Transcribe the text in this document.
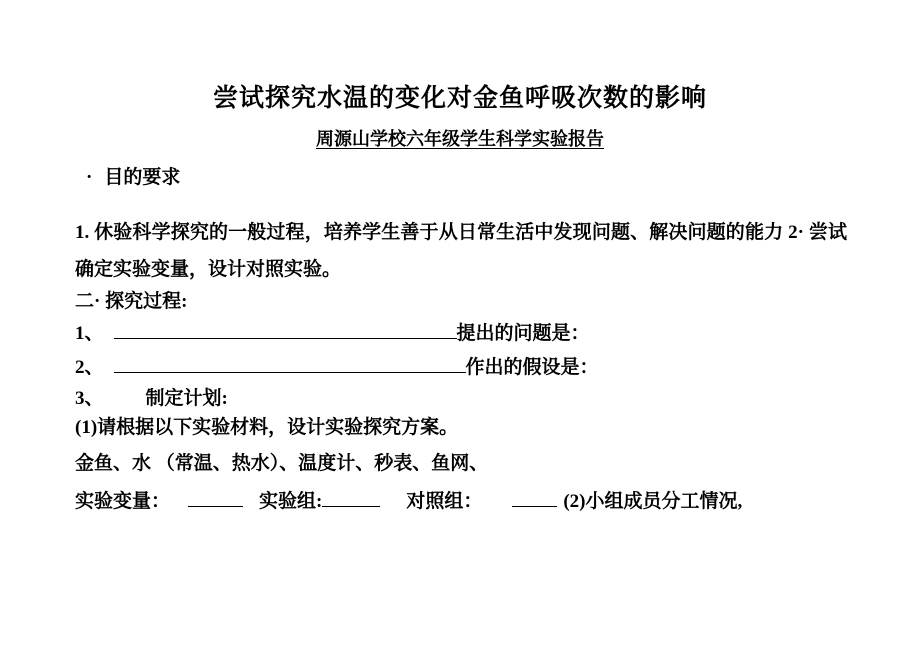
尝试探究水温的变化对金鱼呼吸次数的影响
周源山学校六年级学生科学实验报告
· 目的要求

1. 休验科学探究的一般过程，培养学生善于从日常生活中发现问题、解决问题的能力 2· 尝试确定实验变量，设计对照实验。

二· 探究过程:
1、	提出的问题是：
2、	作出的假设是：
3、 制定计划:
(1)请根据以下实验材料，设计实验探究方案。
金鱼、水 （常温、热水）、温度计、秒表、鱼网、
实验变量：	实验组:	对照组：	(2)小组成员分工情况,
